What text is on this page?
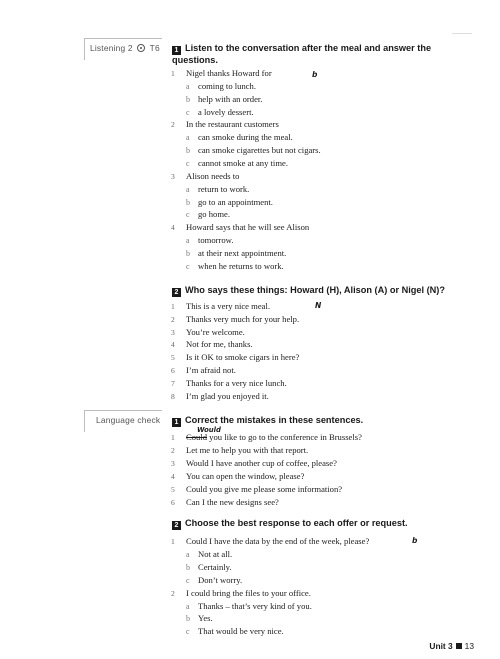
Listening 2 T6
Language check
1 Listen to the conversation after the meal and answer the
questions.
b
2 Who says these things: Howard (H), Alison (A) or Nigel (N)?
N
1 Correct the mistakes in these sentences.
Would
1 Could you like to go to the conference in Brussels?
2 Choose the best response to each offer or request.
b
Unit 3 13
1 Nigel thanks Howard for
a coming to lunch.
b help with an order.
c a lovely dessert.
2 In the restaurant customers
a can smoke during the meal.
b can smoke cigarettes but not cigars.
c cannot smoke at any time.
3 Alison needs to
a return to work.
b go to an appointment.
c go home.
4 Howard says that he will see Alison
a tomorrow.
b at their next appointment.
c when he returns to work.
1 This is a very nice meal.
2 Thanks very much for your help.
3 You’re welcome.
4 Not for me, thanks.
5 Is it OK to smoke cigars in here?
6 I’m afraid not.
7 Thanks for a very nice lunch.
8 I’m glad you enjoyed it.
2 Let me to help you with that report.
3 Would I have another cup of coffee, please?
4 You can open the window, please?
5 Could you give me please some information?
6 Can I the new designs see?
1 Could I have the data by the end of the week, please?
a Not at all.
b Certainly.
c Don’t worry.
2 I could bring the files to your office.
a Thanks – that’s very kind of you.
b Yes.
c That would be very nice.
